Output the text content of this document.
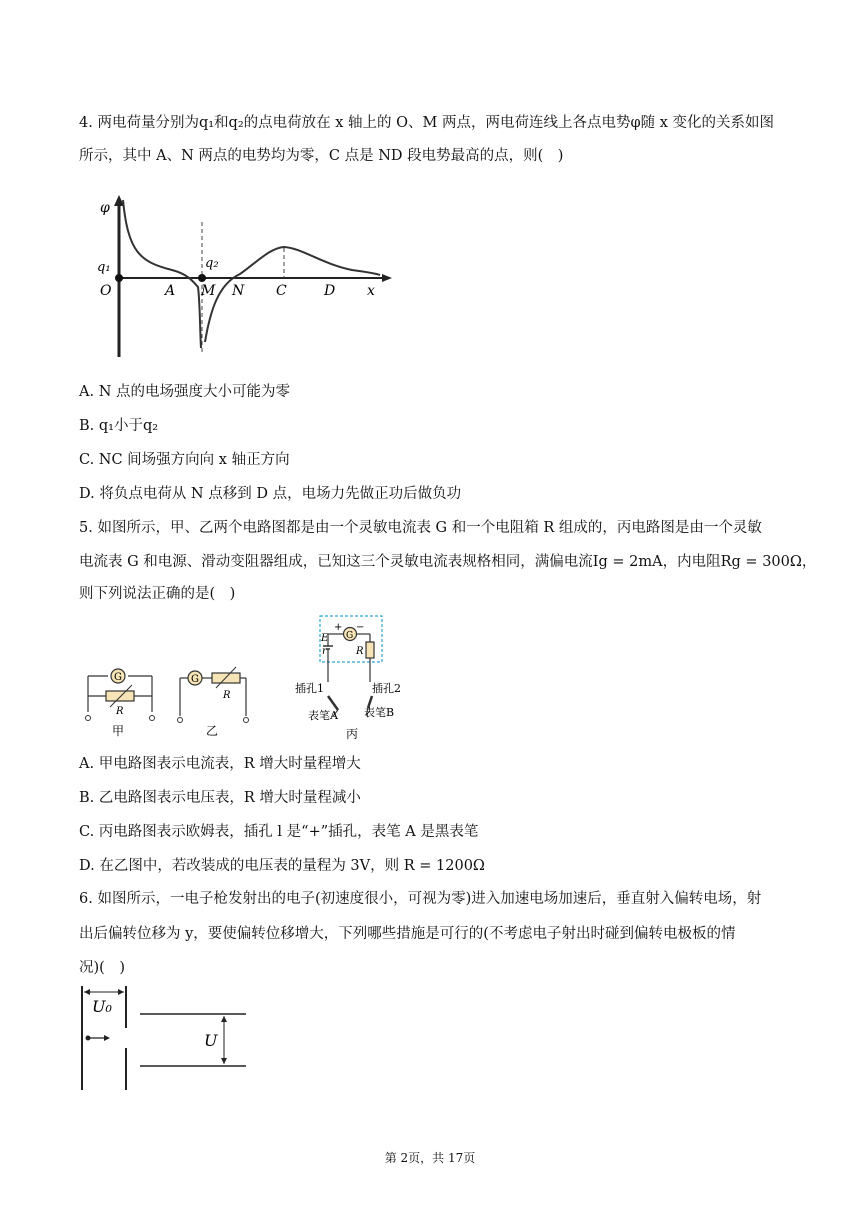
4. 两电荷量分别为q₁和q₂的点电荷放在 x 轴上的 O、M 两点，两电荷连线上各点电势φ随 x 变化的关系如图
所示，其中 A、N 两点的电势均为零，C 点是 ND 段电势最高的点，则(　)
φ
q₁	q₂
O	A M N C	D x
A. N 点的电场强度大小可能为零
B. q₁小于q₂
C. NC 间场强方向向 x 轴正方向
D. 将负点电荷从 N 点移到 D 点，电场力先做正功后做负功
5. 如图所示，甲、乙两个电路图都是由一个灵敏电流表 G 和一个电阻箱 R 组成的，丙电路图是由一个灵敏
电流表 G 和电源、滑动变阻器组成，已知这三个灵敏电流表规格相同，满偏电流Ig = 2mA，内电阻Rg = 300Ω，
则下列说法正确的是(　)
G
R
甲
G
R
乙
+ −
G
E
r	R
插孔1	插孔2
表笔A 表笔B
丙
A. 甲电路图表示电流表，R 增大时量程增大
B. 乙电路图表示电压表，R 增大时量程减小
C. 丙电路图表示欧姆表，插孔 l 是“+”插孔，表笔 A 是黑表笔
D. 在乙图中，若改装成的电压表的量程为 3V，则 R = 1200Ω
6. 如图所示，一电子枪发射出的电子(初速度很小，可视为零)进入加速电场加速后，垂直射入偏转电场，射
出后偏转位移为 y，要使偏转位移增大，下列哪些措施是可行的(不考虑电子射出时碰到偏转电极板的情
况)(　)
U₀
U
第 2页，共 17页
